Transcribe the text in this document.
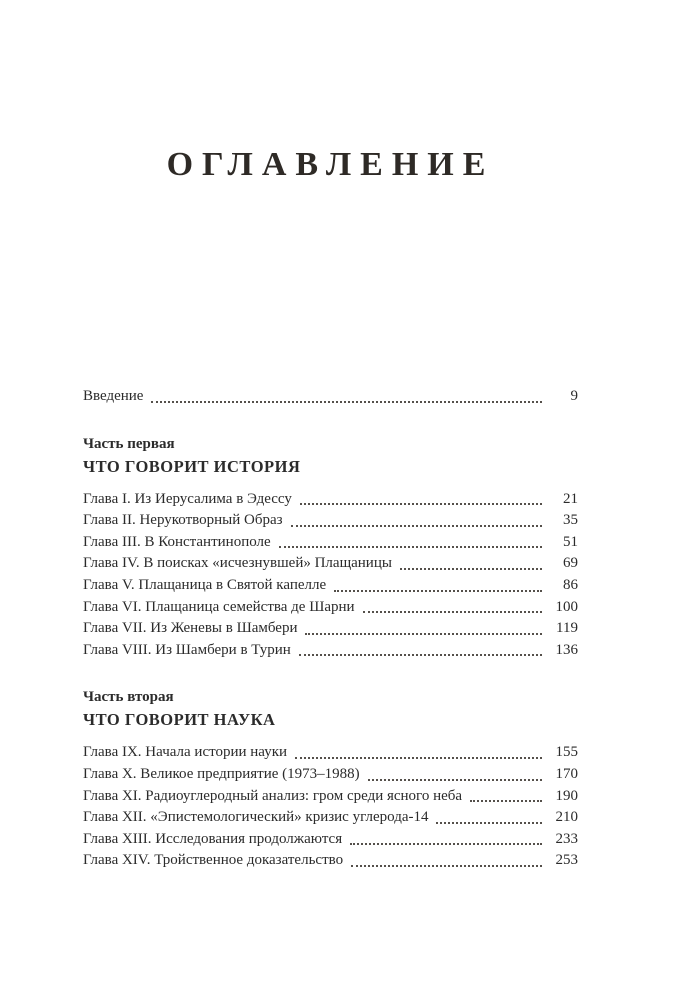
ОГЛАВЛЕНИЕ
Введение	9
Часть первая
ЧТО ГОВОРИТ ИСТОРИЯ
Глава I. Из Иерусалима в Эдессу	21
Глава II. Нерукотворный Образ	35
Глава III. В Константинополе	51
Глава IV. В поисках «исчезнувшей» Плащаницы	69
Глава V. Плащаница в Святой капелле	86
Глава VI. Плащаница семейства де Шарни	100
Глава VII. Из Женевы в Шамбери	119
Глава VIII. Из Шамбери в Турин	136
Часть вторая
ЧТО ГОВОРИТ НАУКА
Глава IX. Начала истории науки	155
Глава X. Великое предприятие (1973–1988)	170
Глава XI. Радиоуглеродный анализ: гром среди ясного неба	190
Глава XII. «Эпистемологический» кризис углерода-14	210
Глава XIII. Исследования продолжаются	233
Глава XIV. Тройственное доказательство	253
